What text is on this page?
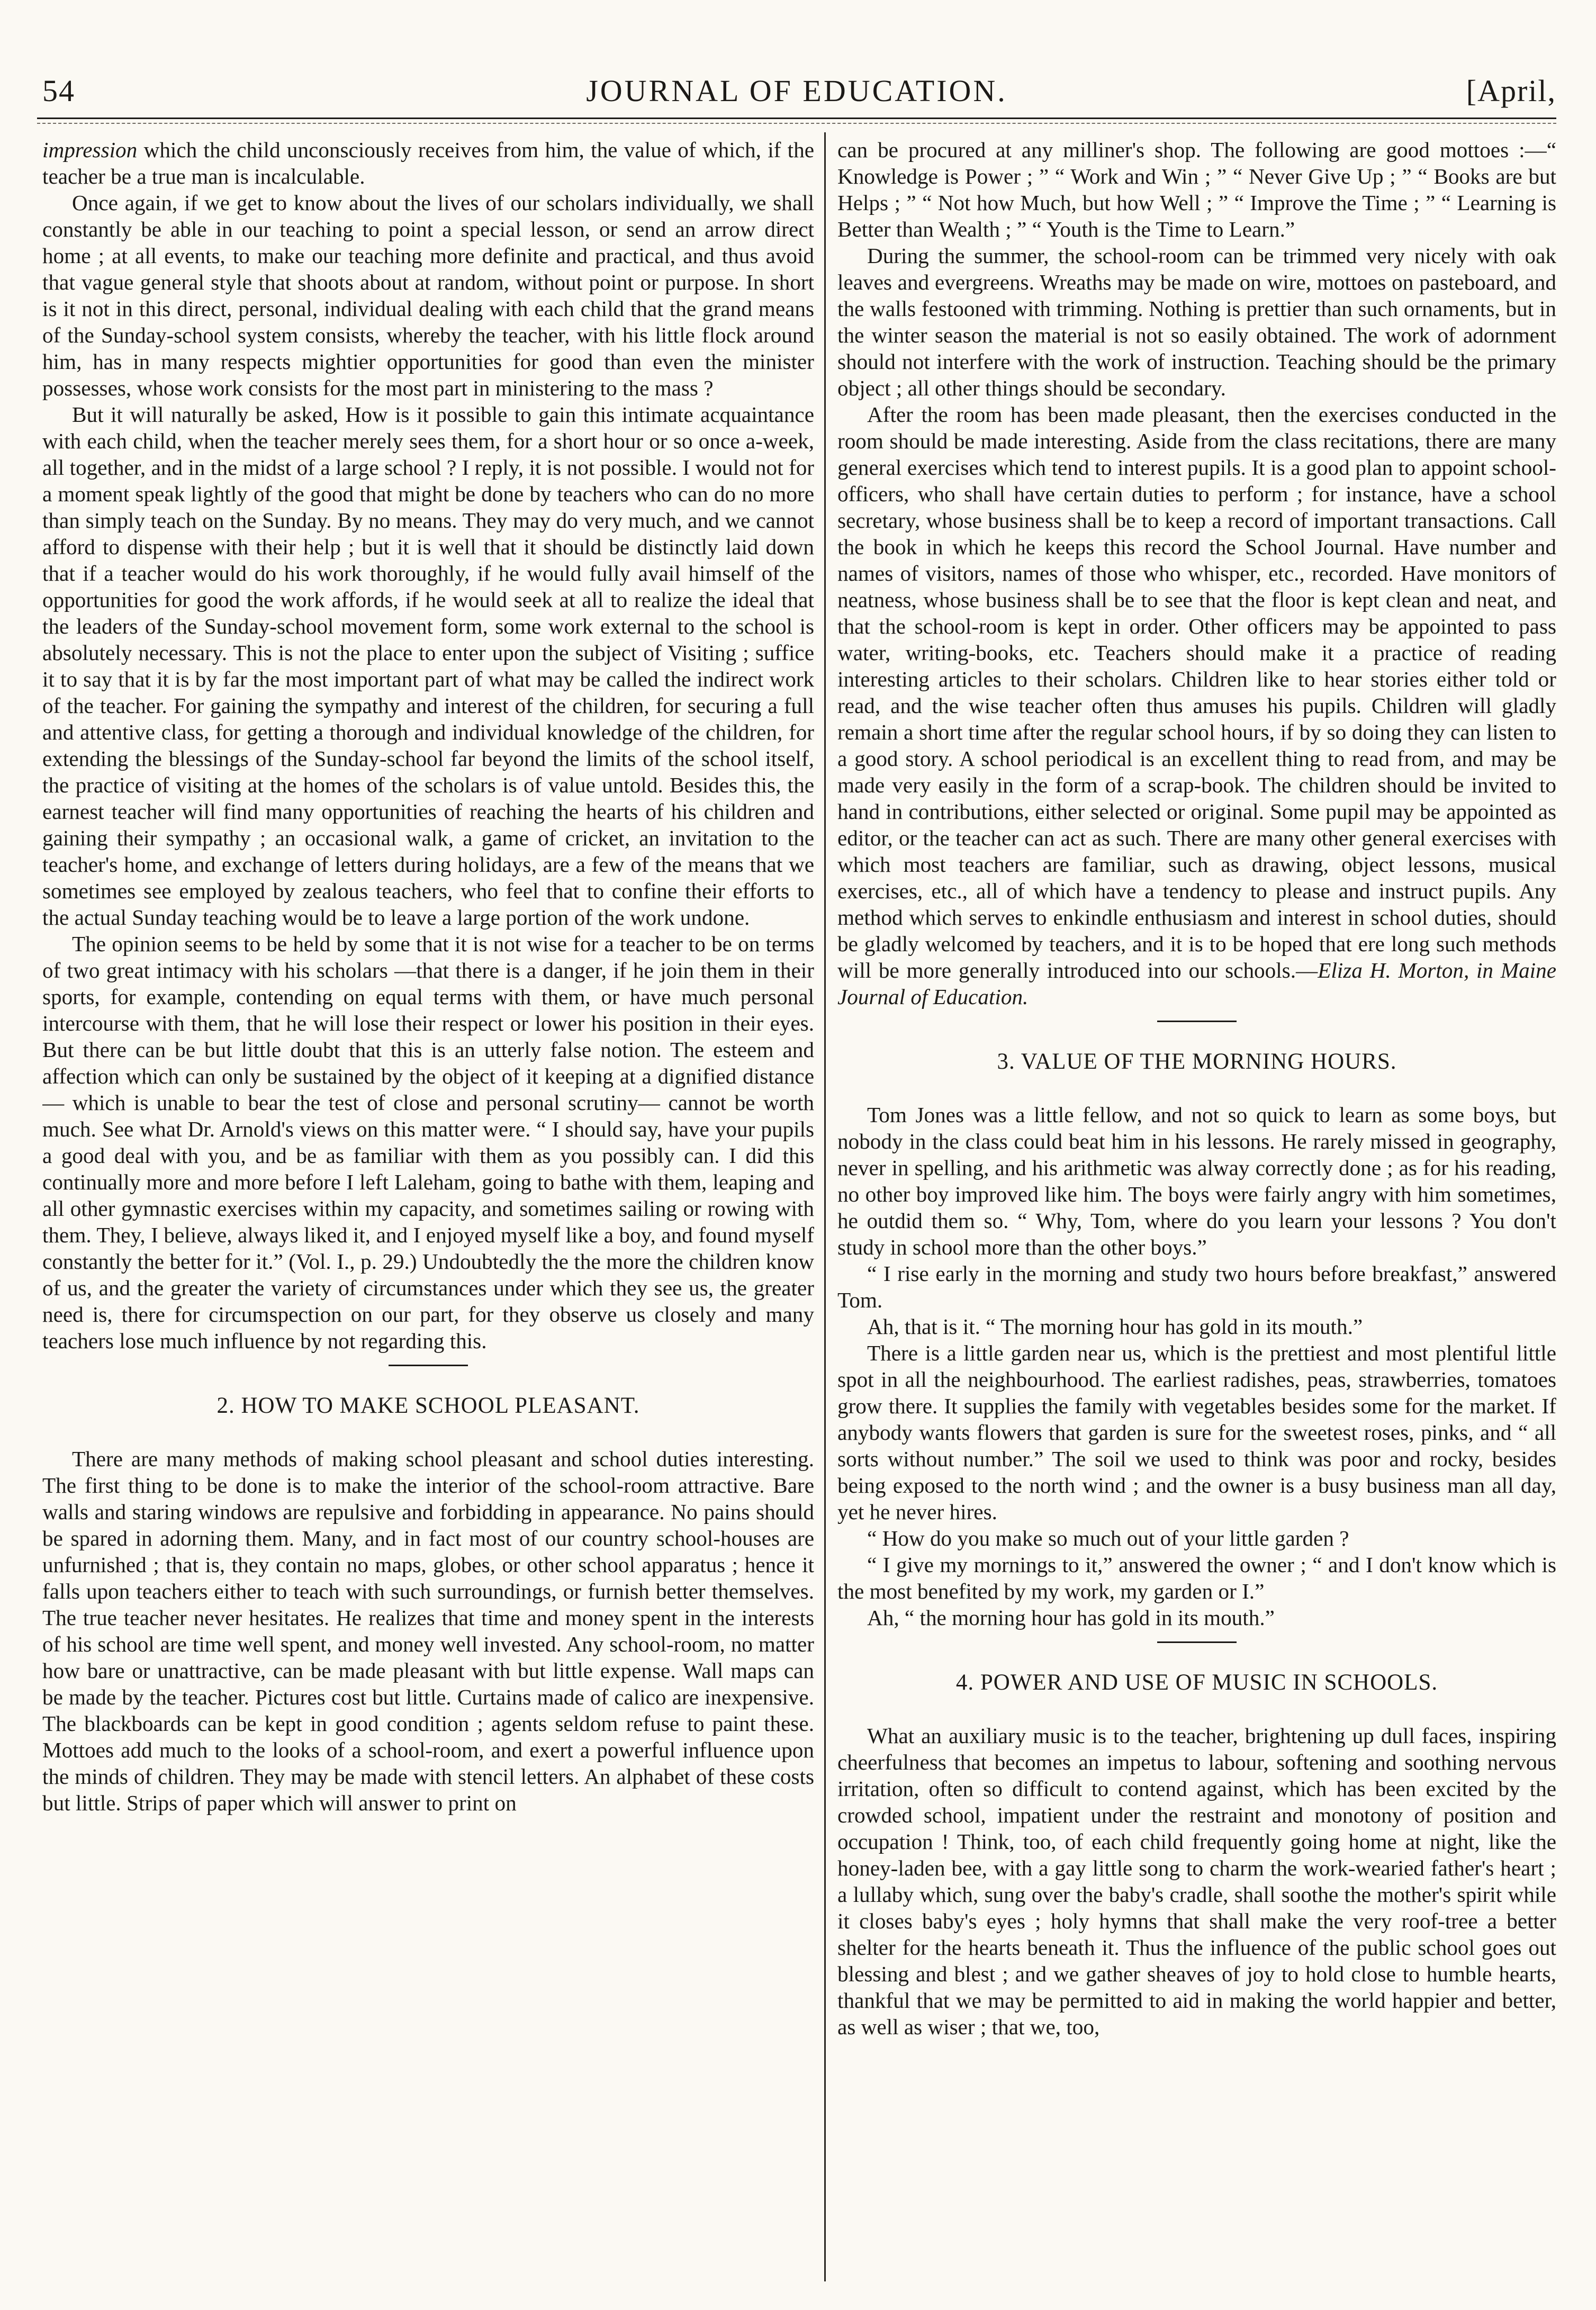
54	JOURNAL OF EDUCATION.	[April,

impression which the child unconsciously receives from him, the value of which, if the teacher be a true man is incalculable.

Once again, if we get to know about the lives of our scholars individually, we shall constantly be able in our teaching to point a special lesson, or send an arrow direct home ; at all events, to make our teaching more definite and practical, and thus avoid that vague general style that shoots about at random, without point or purpose. In short is it not in this direct, personal, individual dealing with each child that the grand means of the Sunday-school system consists, whereby the teacher, with his little flock around him, has in many respects mightier opportunities for good than even the minister possesses, whose work consists for the most part in ministering to the mass ?

But it will naturally be asked, How is it possible to gain this intimate acquaintance with each child, when the teacher merely sees them, for a short hour or so once a-week, all together, and in the midst of a large school ? I reply, it is not possible. I would not for a moment speak lightly of the good that might be done by teachers who can do no more than simply teach on the Sunday. By no means. They may do very much, and we cannot afford to dispense with their help ; but it is well that it should be distinctly laid down that if a teacher would do his work thoroughly, if he would fully avail himself of the opportunities for good the work affords, if he would seek at all to realize the ideal that the leaders of the Sunday-school movement form, some work external to the school is absolutely necessary. This is not the place to enter upon the subject of Visiting ; suffice it to say that it is by far the most important part of what may be called the indirect work of the teacher. For gaining the sympathy and interest of the children, for securing a full and attentive class, for getting a thorough and individual knowledge of the children, for extending the blessings of the Sunday-school far beyond the limits of the school itself, the practice of visiting at the homes of the scholars is of value untold. Besides this, the earnest teacher will find many opportunities of reaching the hearts of his children and gaining their sympathy ; an occasional walk, a game of cricket, an invitation to the teacher's home, and exchange of letters during holidays, are a few of the means that we sometimes see employed by zealous teachers, who feel that to confine their efforts to the actual Sunday teaching would be to leave a large portion of the work undone.

The opinion seems to be held by some that it is not wise for a teacher to be on terms of two great intimacy with his scholars —that there is a danger, if he join them in their sports, for example, contending on equal terms with them, or have much personal intercourse with them, that he will lose their respect or lower his position in their eyes. But there can be but little doubt that this is an utterly false notion. The esteem and affection which can only be sustained by the object of it keeping at a dignified distance— which is unable to bear the test of close and personal scrutiny— cannot be worth much. See what Dr. Arnold's views on this matter were. “ I should say, have your pupils a good deal with you, and be as familiar with them as you possibly can. I did this continually more and more before I left Laleham, going to bathe with them, leaping and all other gymnastic exercises within my capacity, and sometimes sailing or rowing with them. They, I believe, always liked it, and I enjoyed myself like a boy, and found myself constantly the better for it.” (Vol. I., p. 29.) Undoubtedly the the more the children know of us, and the greater the variety of circumstances under which they see us, the greater need is, there for circumspection on our part, for they observe us closely and many teachers lose much influence by not regarding this.

2. HOW TO MAKE SCHOOL PLEASANT.

There are many methods of making school pleasant and school duties interesting. The first thing to be done is to make the interior of the school-room attractive. Bare walls and staring windows are repulsive and forbidding in appearance. No pains should be spared in adorning them. Many, and in fact most of our country school-houses are unfurnished ; that is, they contain no maps, globes, or other school apparatus ; hence it falls upon teachers either to teach with such surroundings, or furnish better themselves. The true teacher never hesitates. He realizes that time and money spent in the interests of his school are time well spent, and money well invested. Any school-room, no matter how bare or unattractive, can be made pleasant with but little expense. Wall maps can be made by the teacher. Pictures cost but little. Curtains made of calico are inexpensive. The blackboards can be kept in good condition ; agents seldom refuse to paint these. Mottoes add much to the looks of a school-room, and exert a powerful influence upon the minds of children. They may be made with stencil letters. An alphabet of these costs but little. Strips of paper which will answer to print on

can be procured at any milliner's shop. The following are good mottoes :—“ Knowledge is Power ; ” “ Work and Win ; ” “ Never Give Up ; ” “ Books are but Helps ; ” “ Not how Much, but how Well ; ” “ Improve the Time ; ” “ Learning is Better than Wealth ; ” “ Youth is the Time to Learn.”

During the summer, the school-room can be trimmed very nicely with oak leaves and evergreens. Wreaths may be made on wire, mottoes on pasteboard, and the walls festooned with trimming. Nothing is prettier than such ornaments, but in the winter season the material is not so easily obtained. The work of adornment should not interfere with the work of instruction. Teaching should be the primary object ; all other things should be secondary.

After the room has been made pleasant, then the exercises conducted in the room should be made interesting. Aside from the class recitations, there are many general exercises which tend to interest pupils. It is a good plan to appoint school-officers, who shall have certain duties to perform ; for instance, have a school secretary, whose business shall be to keep a record of important transactions. Call the book in which he keeps this record the School Journal. Have number and names of visitors, names of those who whisper, etc., recorded. Have monitors of neatness, whose business shall be to see that the floor is kept clean and neat, and that the school-room is kept in order. Other officers may be appointed to pass water, writing-books, etc. Teachers should make it a practice of reading interesting articles to their scholars. Children like to hear stories either told or read, and the wise teacher often thus amuses his pupils. Children will gladly remain a short time after the regular school hours, if by so doing they can listen to a good story. A school periodical is an excellent thing to read from, and may be made very easily in the form of a scrap-book. The children should be invited to hand in contributions, either selected or original. Some pupil may be appointed as editor, or the teacher can act as such. There are many other general exercises with which most teachers are familiar, such as drawing, object lessons, musical exercises, etc., all of which have a tendency to please and instruct pupils. Any method which serves to enkindle enthusiasm and interest in school duties, should be gladly welcomed by teachers, and it is to be hoped that ere long such methods will be more generally introduced into our schools.—Eliza H. Morton, in Maine Journal of Education.

3. VALUE OF THE MORNING HOURS.

Tom Jones was a little fellow, and not so quick to learn as some boys, but nobody in the class could beat him in his lessons. He rarely missed in geography, never in spelling, and his arithmetic was alway correctly done ; as for his reading, no other boy improved like him. The boys were fairly angry with him sometimes, he outdid them so. “ Why, Tom, where do you learn your lessons ? You don't study in school more than the other boys.”

“ I rise early in the morning and study two hours before breakfast,” answered Tom.

Ah, that is it. “ The morning hour has gold in its mouth.”

There is a little garden near us, which is the prettiest and most plentiful little spot in all the neighbourhood. The earliest radishes, peas, strawberries, tomatoes grow there. It supplies the family with vegetables besides some for the market. If anybody wants flowers that garden is sure for the sweetest roses, pinks, and “ all sorts without number.” The soil we used to think was poor and rocky, besides being exposed to the north wind ; and the owner is a busy business man all day, yet he never hires.

“ How do you make so much out of your little garden ?

“ I give my mornings to it,” answered the owner ; “ and I don't know which is the most benefited by my work, my garden or I.”

Ah, “ the morning hour has gold in its mouth.”

4. POWER AND USE OF MUSIC IN SCHOOLS.

What an auxiliary music is to the teacher, brightening up dull faces, inspiring cheerfulness that becomes an impetus to labour, softening and soothing nervous irritation, often so difficult to contend against, which has been excited by the crowded school, impatient under the restraint and monotony of position and occupation ! Think, too, of each child frequently going home at night, like the honey-laden bee, with a gay little song to charm the work-wearied father's heart ; a lullaby which, sung over the baby's cradle, shall soothe the mother's spirit while it closes baby's eyes ; holy hymns that shall make the very roof-tree a better shelter for the hearts beneath it. Thus the influence of the public school goes out blessing and blest ; and we gather sheaves of joy to hold close to humble hearts, thankful that we may be permitted to aid in making the world happier and better, as well as wiser ; that we, too,
